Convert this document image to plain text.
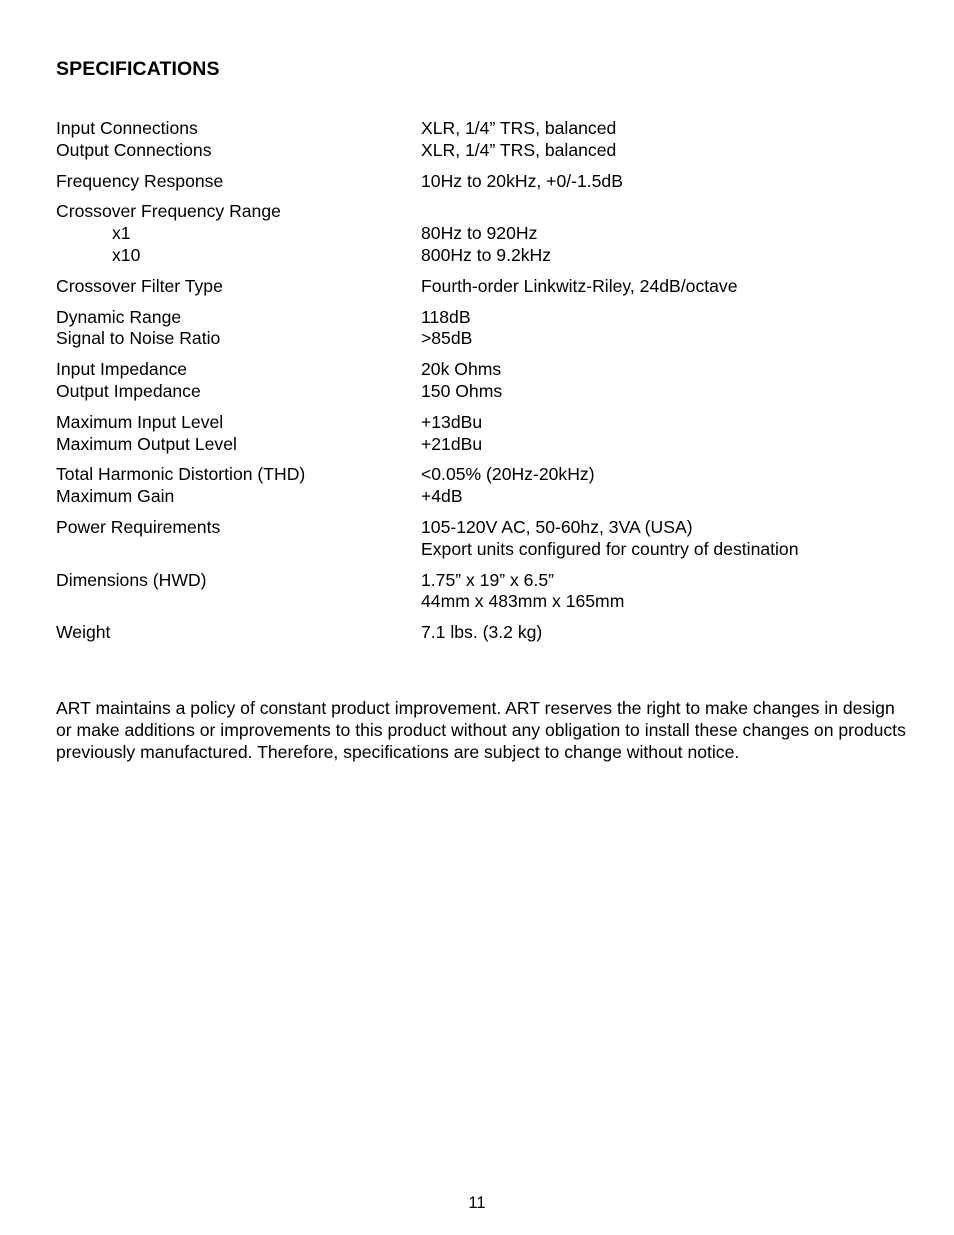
SPECIFICATIONS
Input Connections	XLR, 1/4” TRS, balanced
Output Connections	XLR, 1/4” TRS, balanced
Frequency Response	10Hz to 20kHz, +0/-1.5dB
Crossover Frequency Range
x1	80Hz to 920Hz
x10	800Hz to 9.2kHz
Crossover Filter Type	Fourth-order Linkwitz-Riley, 24dB/octave
Dynamic Range	118dB
Signal to Noise Ratio	>85dB
Input Impedance	20k Ohms
Output Impedance	150 Ohms
Maximum Input Level	+13dBu
Maximum Output Level	+21dBu
Total Harmonic Distortion (THD)	<0.05% (20Hz-20kHz)
Maximum Gain	+4dB
Power Requirements	105-120V AC, 50-60hz, 3VA (USA)
Export units configured for country of destination
Dimensions (HWD)	1.75” x 19” x 6.5”
44mm x 483mm x 165mm
Weight	7.1 lbs. (3.2 kg)
ART maintains a policy of constant product improvement. ART reserves the right to make changes in design or make additions or improvements to this product without any obligation to install these changes on products previously manufactured. Therefore, specifications are subject to change without notice.
11
